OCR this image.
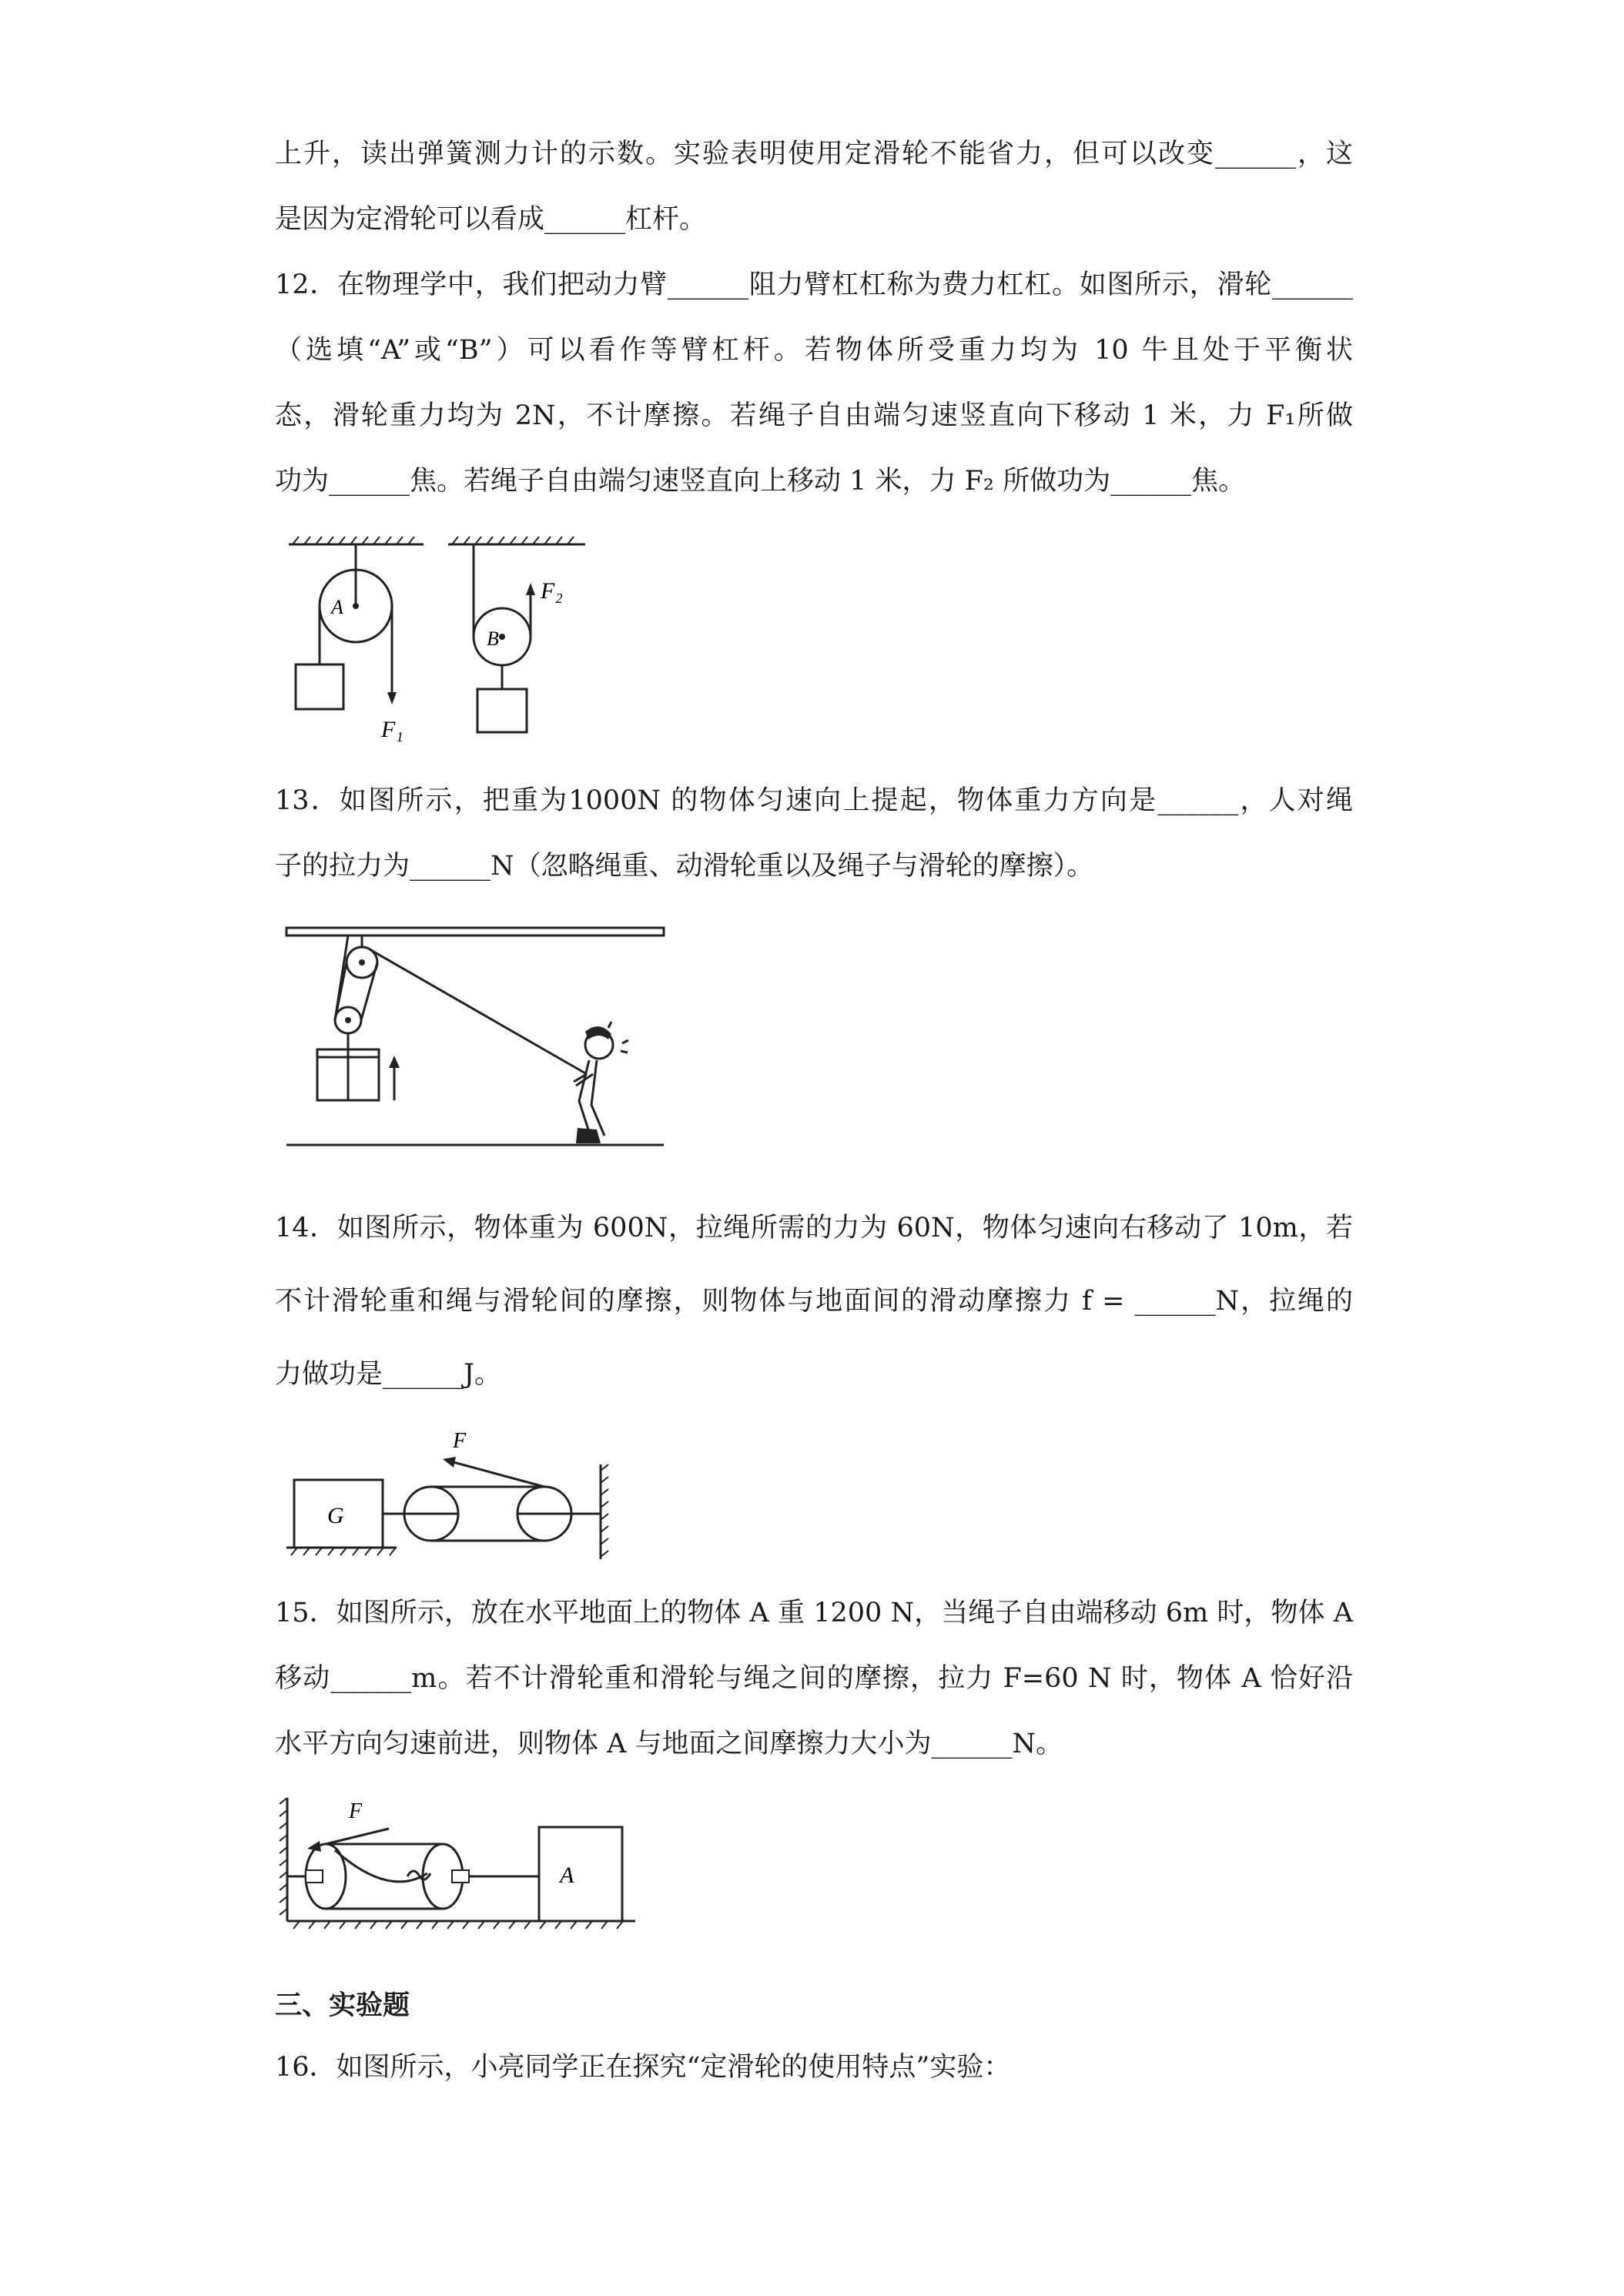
上升，读出弹簧测力计的示数。实验表明使用定滑轮不能省力，但可以改变______，这
是因为定滑轮可以看成______杠杆。
12．在物理学中，我们把动力臂______阻力臂杠杠称为费力杠杠。如图所示，滑轮______
（选填“A”或“B”）可以看作等臂杠杆。若物体所受重力均为 10 牛且处于平衡状
态，滑轮重力均为 2N，不计摩擦。若绳子自由端匀速竖直向下移动 1 米，力 F₁所做
功为______焦。若绳子自由端匀速竖直向上移动 1 米，力 F₂ 所做功为______焦。
A
B
F₁
F₂
13．如图所示，把重为1000N 的物体匀速向上提起，物体重力方向是______，人对绳
子的拉力为______N（忽略绳重、动滑轮重以及绳子与滑轮的摩擦）。
14．如图所示，物体重为 600N，拉绳所需的力为 60N，物体匀速向右移动了 10m，若
不计滑轮重和绳与滑轮间的摩擦，则物体与地面间的滑动摩擦力 f = ______N，拉绳的
力做功是______J。
G
F
15．如图所示，放在水平地面上的物体 A 重 1200 N，当绳子自由端移动 6m 时，物体 A
移动______m。若不计滑轮重和滑轮与绳之间的摩擦，拉力 F=60 N 时，物体 A 恰好沿
水平方向匀速前进，则物体 A 与地面之间摩擦力大小为______N。
A
F
三、实验题
16．如图所示，小亮同学正在探究“定滑轮的使用特点”实验：
